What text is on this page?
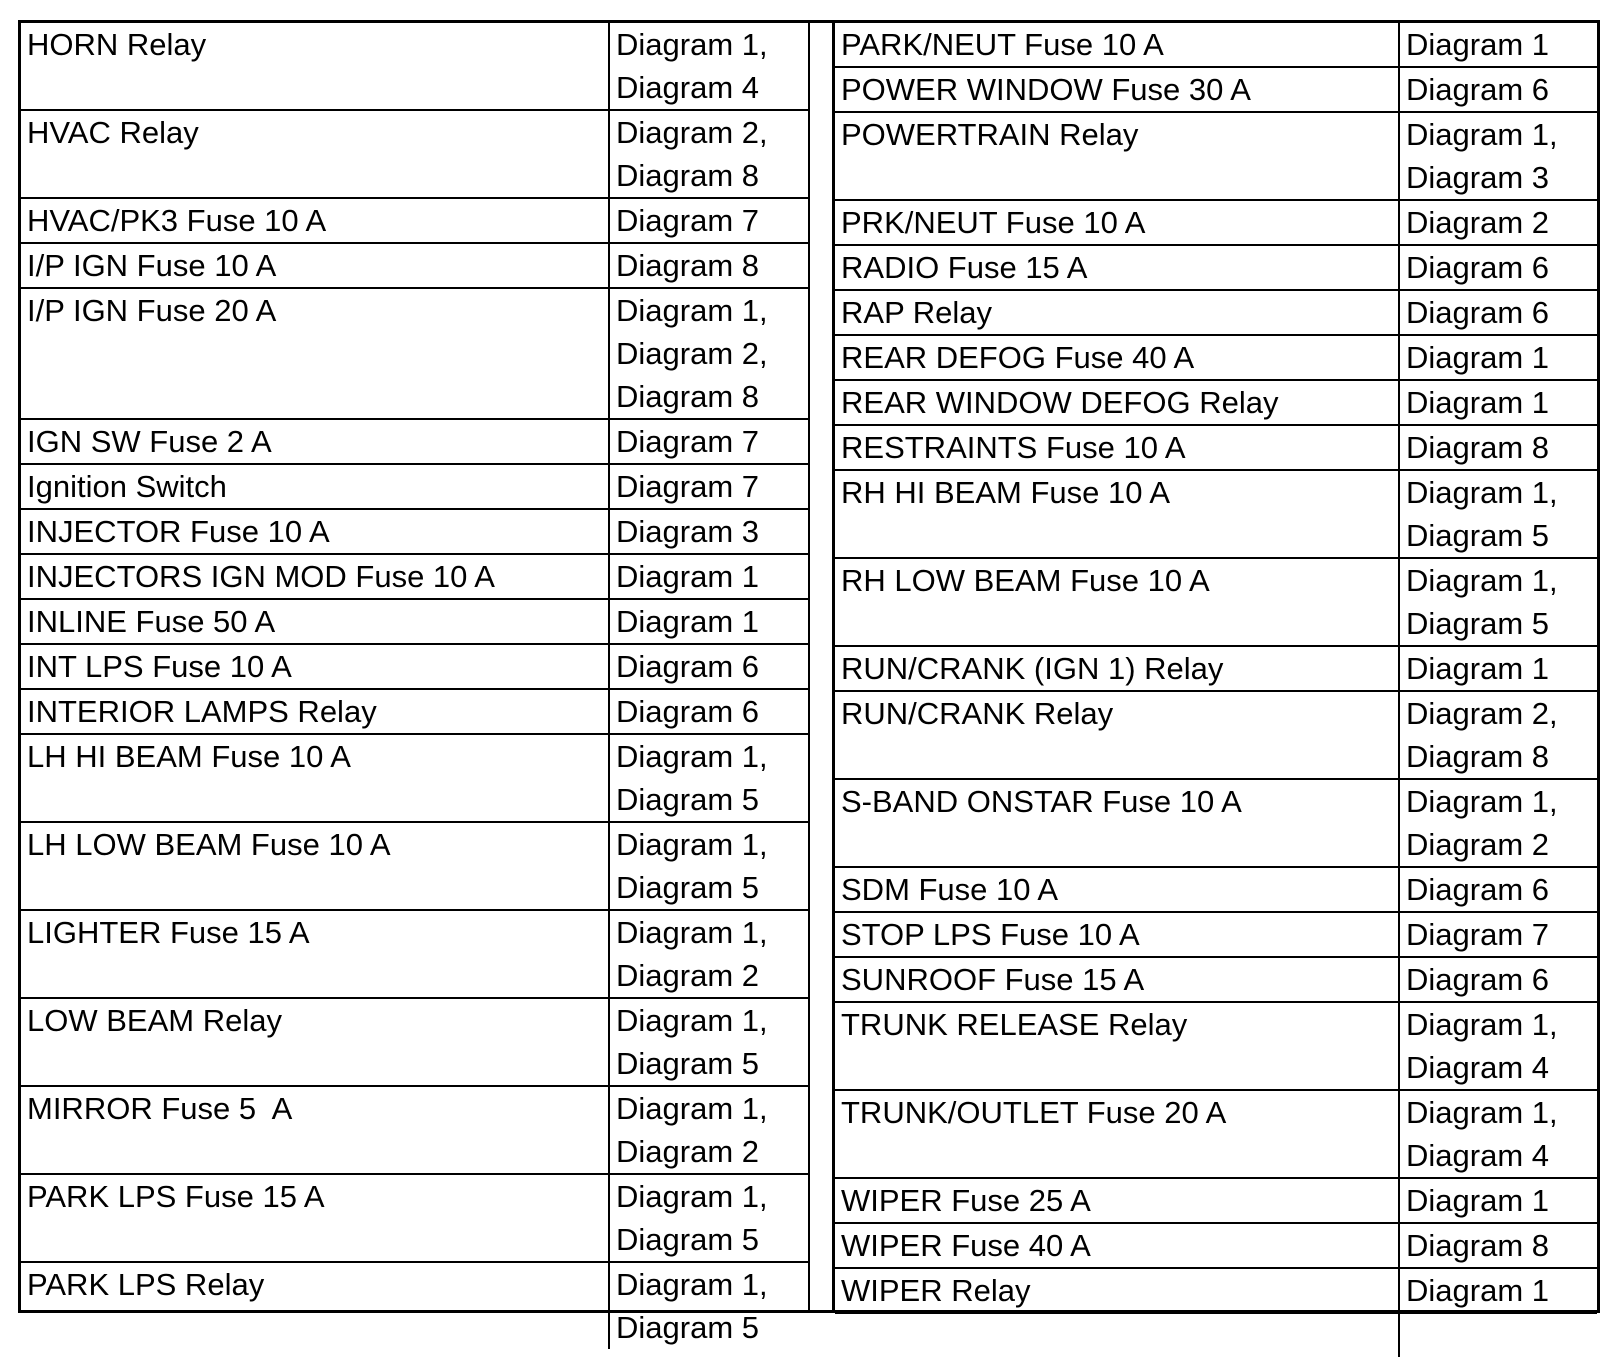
HORN Relay	Diagram 1,
Diagram 4

HVAC Relay	Diagram 2,
Diagram 8

HVAC/PK3 Fuse 10 A	Diagram 7

I/P IGN Fuse 10 A	Diagram 8

I/P IGN Fuse 20 A	Diagram 1,
Diagram 2,
Diagram 8

IGN SW Fuse 2 A	Diagram 7

Ignition Switch	Diagram 7

INJECTOR Fuse 10 A	Diagram 3

INJECTORS IGN MOD Fuse 10 A	Diagram 1

INLINE Fuse 50 A	Diagram 1

INT LPS Fuse 10 A	Diagram 6

INTERIOR LAMPS Relay	Diagram 6

LH HI BEAM Fuse 10 A	Diagram 1,
Diagram 5

LH LOW BEAM Fuse 10 A	Diagram 1,
Diagram 5

LIGHTER Fuse 15 A	Diagram 1,
Diagram 2

LOW BEAM Relay	Diagram 1,
Diagram 5

MIRROR Fuse 5  A	Diagram 1,
Diagram 2

PARK LPS Fuse 15 A	Diagram 1,
Diagram 5

PARK LPS Relay	Diagram 1,
Diagram 5
PARK/NEUT Fuse 10 A	Diagram 1

POWER WINDOW Fuse 30 A	Diagram 6

POWERTRAIN Relay	Diagram 1,
Diagram 3

PRK/NEUT Fuse 10 A	Diagram 2

RADIO Fuse 15 A	Diagram 6

RAP Relay	Diagram 6

REAR DEFOG Fuse 40 A	Diagram 1

REAR WINDOW DEFOG Relay	Diagram 1

RESTRAINTS Fuse 10 A	Diagram 8

RH HI BEAM Fuse 10 A	Diagram 1,
Diagram 5

RH LOW BEAM Fuse 10 A	Diagram 1,
Diagram 5

RUN/CRANK (IGN 1) Relay	Diagram 1

RUN/CRANK Relay	Diagram 2,
Diagram 8

S-BAND ONSTAR Fuse 10 A	Diagram 1,
Diagram 2

SDM Fuse 10 A	Diagram 6

STOP LPS Fuse 10 A	Diagram 7

SUNROOF Fuse 15 A	Diagram 6

TRUNK RELEASE Relay	Diagram 1,
Diagram 4

TRUNK/OUTLET Fuse 20 A	Diagram 1,
Diagram 4

WIPER Fuse 25 A	Diagram 1

WIPER Fuse 40 A	Diagram 8

WIPER Relay	Diagram 1
